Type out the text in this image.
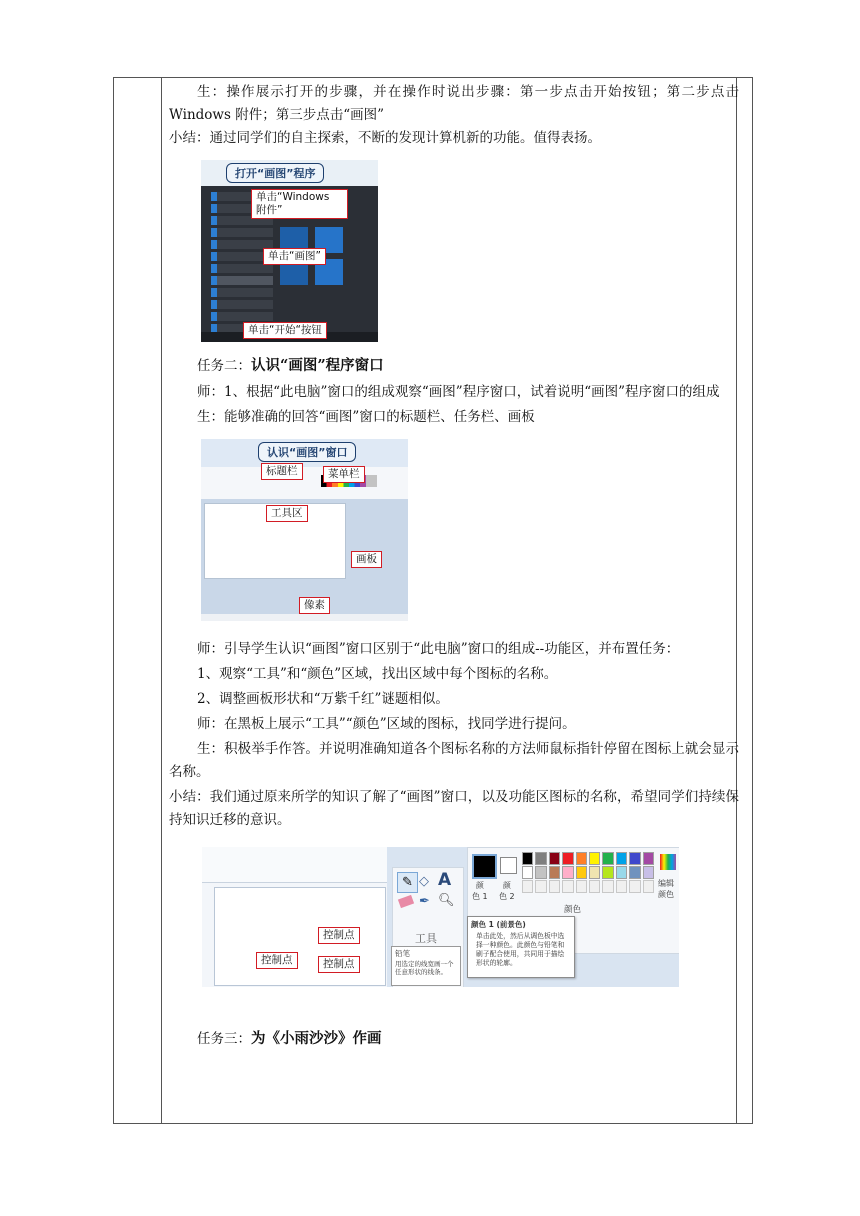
生：操作展示打开的步骤，并在操作时说出步骤：第一步点击开始按钮；第二步点击 Windows 附件；第三步点击“画图”

小结：通过同学们的自主探索，不断的发现计算机新的功能。值得表扬。

打开“画图”程序

单击“Windows
附件”
单击“画图”
单击“开始“按钮

任务二：认识“画图”程序窗口

师：1、根据“此电脑”窗口的组成观察“画图”程序窗口，试着说明“画图”程序窗口的组成

生：能够准确的回答“画图”窗口的标题栏、任务栏、画板

认识“画图”窗口
标题栏	菜单栏
工具区
画板
像素

师：引导学生认识“画图”窗口区别于“此电脑”窗口的组成--功能区，并布置任务：

1、观察“工具”和“颜色”区域，找出区域中每个图标的名称。

2、调整画板形状和“万紫千红”谜题相似。

师：在黑板上展示“工具”“颜色”区域的图标，找同学进行提问。

生：积极举手作答。并说明准确知道各个图标名称的方法师鼠标指针停留在图标上就会显示名称。

小结：我们通过原来所学的知识了解了“画图”窗口，以及功能区图标的名称，希望同学们持续保持知识迁移的意识。

✎ ◇ A
✒ 🔍︎
工具
铅笔
用选定的线宽画一个任意形状的线条。
颜
色 1
颜
色 2
编辑
颜色
颜色
颜色 1 (前景色)
单击此处，然后从调色板中选择一种颜色。此颜色与铅笔和刷子配合使用，共同用于描绘形状的轮廓。
控制点
控制点	控制点

任务三：为《小雨沙沙》作画
